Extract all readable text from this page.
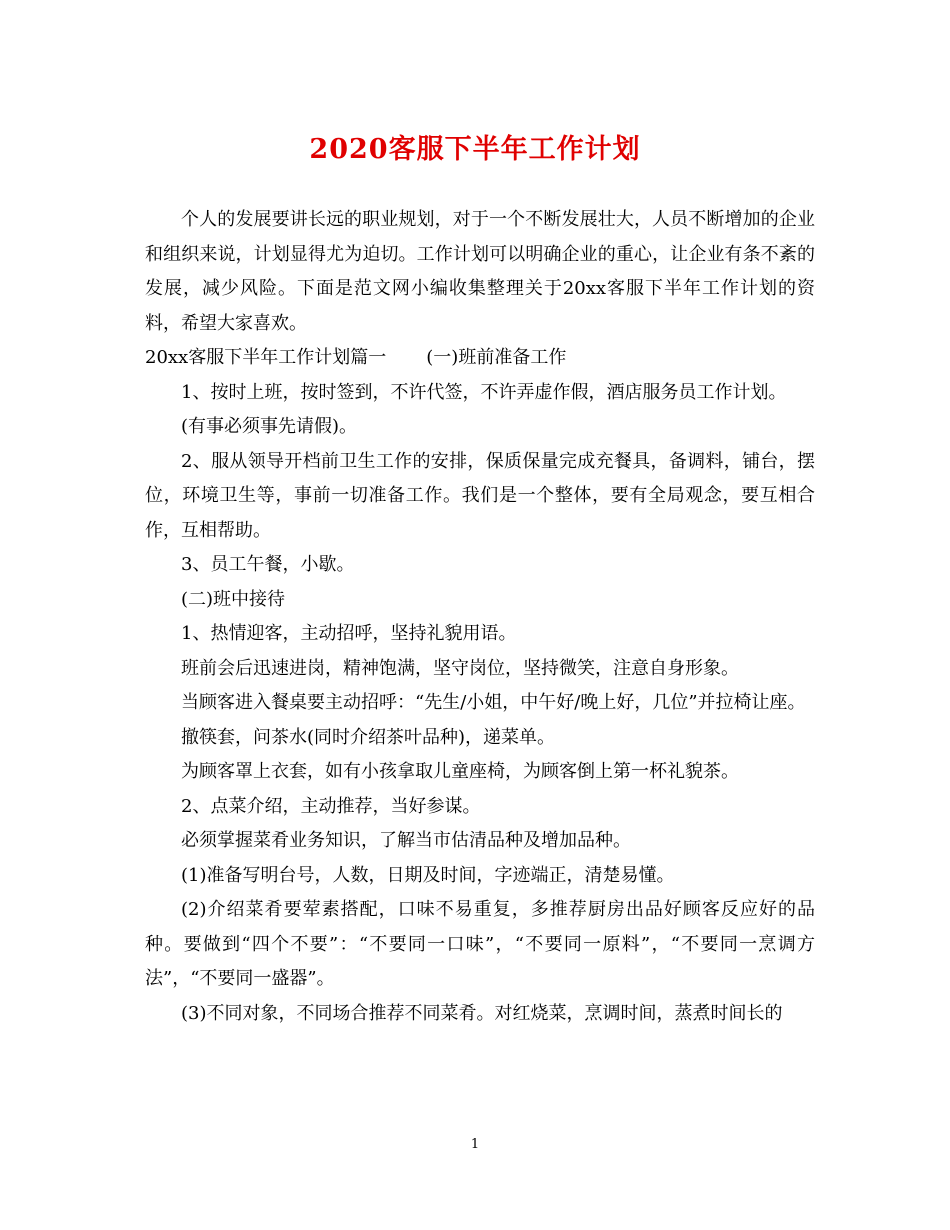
2020客服下半年工作计划

个人的发展要讲长远的职业规划，对于一个不断发展壮大，人员不断增加的企业和组织来说，计划显得尤为迫切。工作计划可以明确企业的重心，让企业有条不紊的发展，减少风险。下面是范文网小编收集整理关于20xx客服下半年工作计划的资料，希望大家喜欢。

20xx客服下半年工作计划篇一 (一)班前准备工作

1、按时上班，按时签到，不许代签，不许弄虚作假，酒店服务员工作计划。

(有事必须事先请假)。

2、服从领导开档前卫生工作的安排，保质保量完成充餐具，备调料，铺台，摆位，环境卫生等，事前一切准备工作。我们是一个整体，要有全局观念，要互相合作，互相帮助。

3、员工午餐，小歇。

(二)班中接待

1、热情迎客，主动招呼，坚持礼貌用语。

班前会后迅速进岗，精神饱满，坚守岗位，坚持微笑，注意自身形象。

当顾客进入餐桌要主动招呼：“先生/小姐，中午好/晚上好，几位”并拉椅让座。

撤筷套，问茶水(同时介绍茶叶品种)，递菜单。

为顾客罩上衣套，如有小孩拿取儿童座椅，为顾客倒上第一杯礼貌茶。

2、点菜介绍，主动推荐，当好参谋。

必须掌握菜肴业务知识，了解当市估清品种及增加品种。

(1)准备写明台号，人数，日期及时间，字迹端正，清楚易懂。

(2)介绍菜肴要荤素搭配，口味不易重复，多推荐厨房出品好顾客反应好的品种。要做到“四个不要”：“不要同一口味”，“不要同一原料”，“不要同一烹调方法”，“不要同一盛器”。

(3)不同对象，不同场合推荐不同菜肴。对红烧菜，烹调时间，蒸煮时间长的

1
